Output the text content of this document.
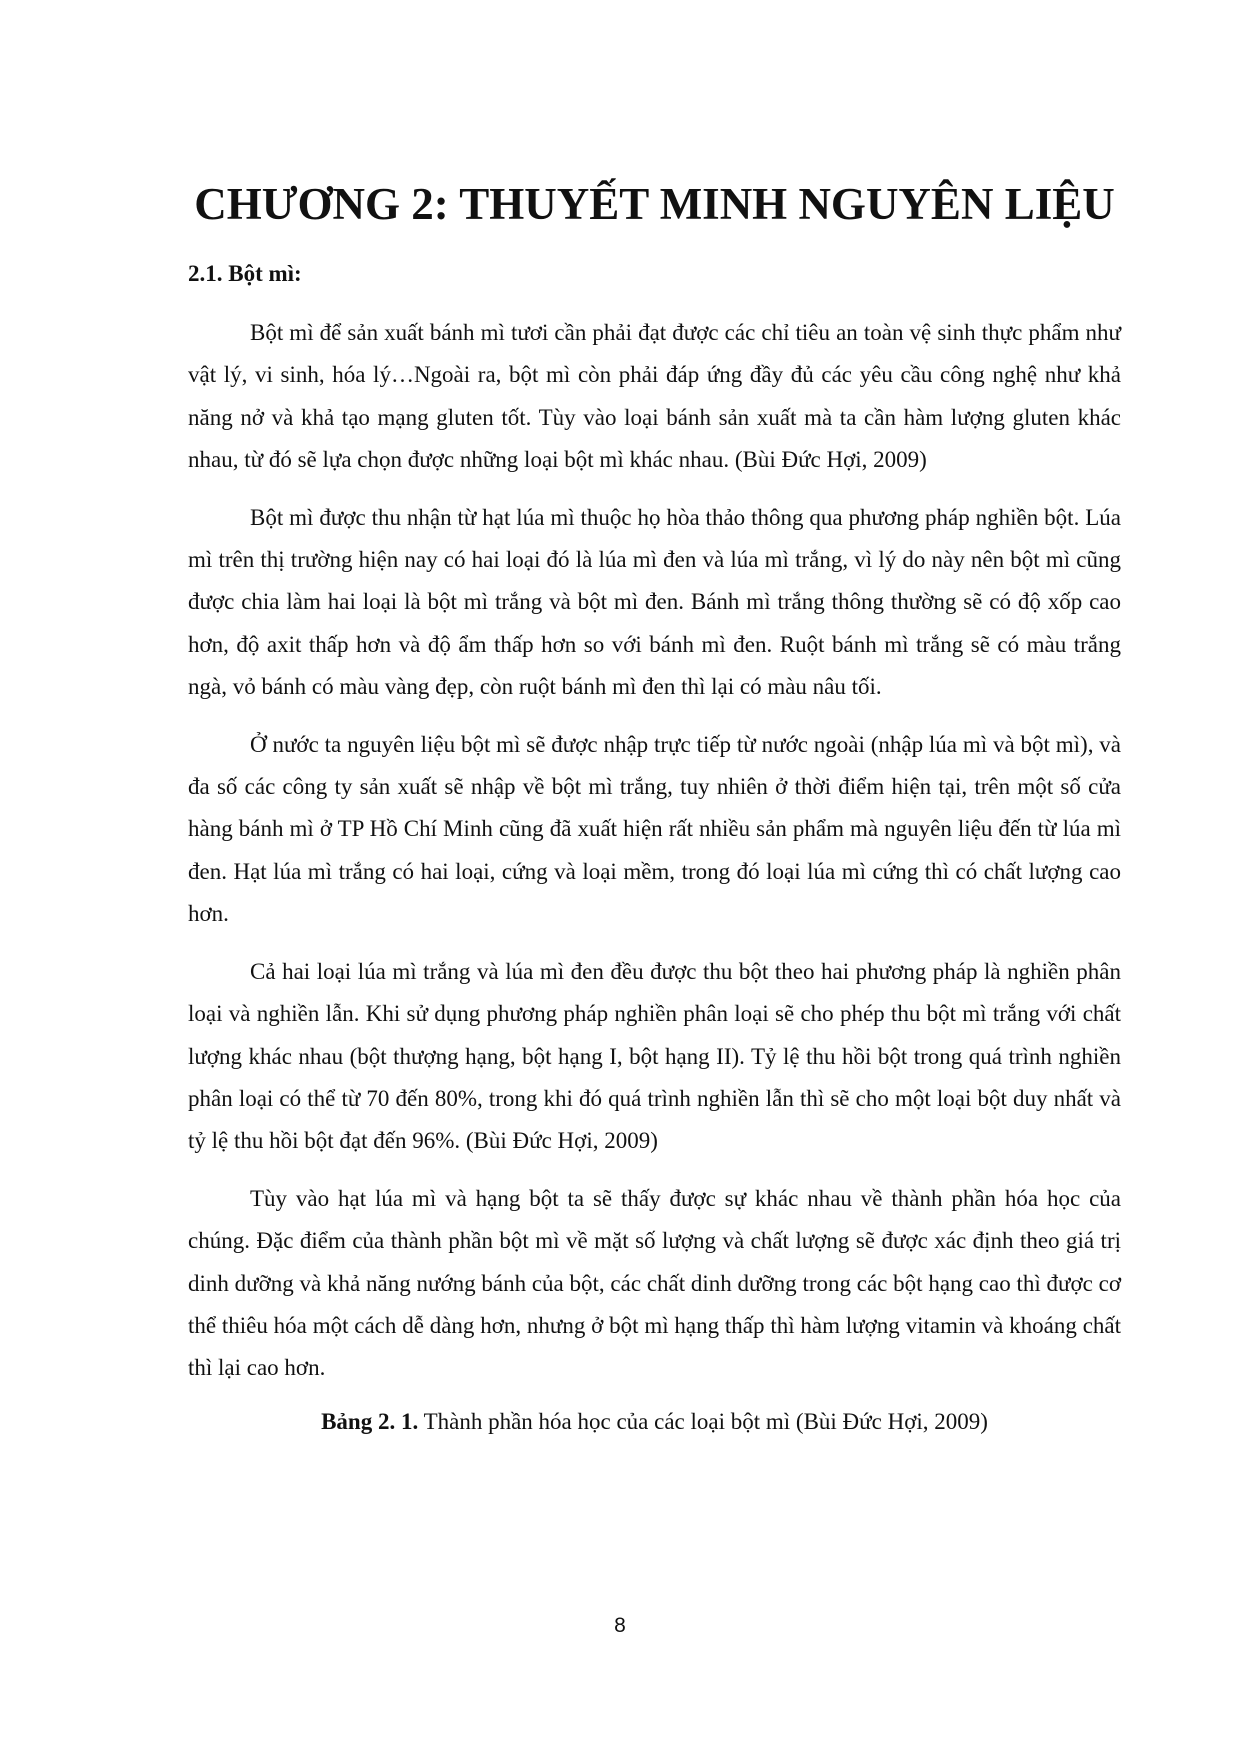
CHƯƠNG 2: THUYẾT MINH NGUYÊN LIỆU
2.1. Bột mì:

Bột mì để sản xuất bánh mì tươi cần phải đạt được các chỉ tiêu an toàn vệ sinh thực phẩm như vật lý, vi sinh, hóa lý…Ngoài ra, bột mì còn phải đáp ứng đầy đủ các yêu cầu công nghệ như khả năng nở và khả tạo mạng gluten tốt. Tùy vào loại bánh sản xuất mà ta cần hàm lượng gluten khác nhau, từ đó sẽ lựa chọn được những loại bột mì khác nhau. (Bùi Đức Hợi, 2009)

Bột mì được thu nhận từ hạt lúa mì thuộc họ hòa thảo thông qua phương pháp nghiền bột. Lúa mì trên thị trường hiện nay có hai loại đó là lúa mì đen và lúa mì trắng, vì lý do này nên bột mì cũng được chia làm hai loại là bột mì trắng và bột mì đen. Bánh mì trắng thông thường sẽ có độ xốp cao hơn, độ axit thấp hơn và độ ẩm thấp hơn so với bánh mì đen. Ruột bánh mì trắng sẽ có màu trắng ngà, vỏ bánh có màu vàng đẹp, còn ruột bánh mì đen thì lại có màu nâu tối.

Ở nước ta nguyên liệu bột mì sẽ được nhập trực tiếp từ nước ngoài (nhập lúa mì và bột mì), và đa số các công ty sản xuất sẽ nhập về bột mì trắng, tuy nhiên ở thời điểm hiện tại, trên một số cửa hàng bánh mì ở TP Hồ Chí Minh cũng đã xuất hiện rất nhiều sản phẩm mà nguyên liệu đến từ lúa mì đen. Hạt lúa mì trắng có hai loại, cứng và loại mềm, trong đó loại lúa mì cứng thì có chất lượng cao hơn.

Cả hai loại lúa mì trắng và lúa mì đen đều được thu bột theo hai phương pháp là nghiền phân loại và nghiền lẫn. Khi sử dụng phương pháp nghiền phân loại sẽ cho phép thu bột mì trắng với chất lượng khác nhau (bột thượng hạng, bột hạng I, bột hạng II). Tỷ lệ thu hồi bột trong quá trình nghiền phân loại có thể từ 70 đến 80%, trong khi đó quá trình nghiền lẫn thì sẽ cho một loại bột duy nhất và tỷ lệ thu hồi bột đạt đến 96%. (Bùi Đức Hợi, 2009)

Tùy vào hạt lúa mì và hạng bột ta sẽ thấy được sự khác nhau về thành phần hóa học của chúng. Đặc điểm của thành phần bột mì về mặt số lượng và chất lượng sẽ được xác định theo giá trị dinh dưỡng và khả năng nướng bánh của bột, các chất dinh dưỡng trong các bột hạng cao thì được cơ thể thiêu hóa một cách dễ dàng hơn, nhưng ở bột mì hạng thấp thì hàm lượng vitamin và khoáng chất thì lại cao hơn.

Bảng 2. 1. Thành phần hóa học của các loại bột mì (Bùi Đức Hợi, 2009)

8
